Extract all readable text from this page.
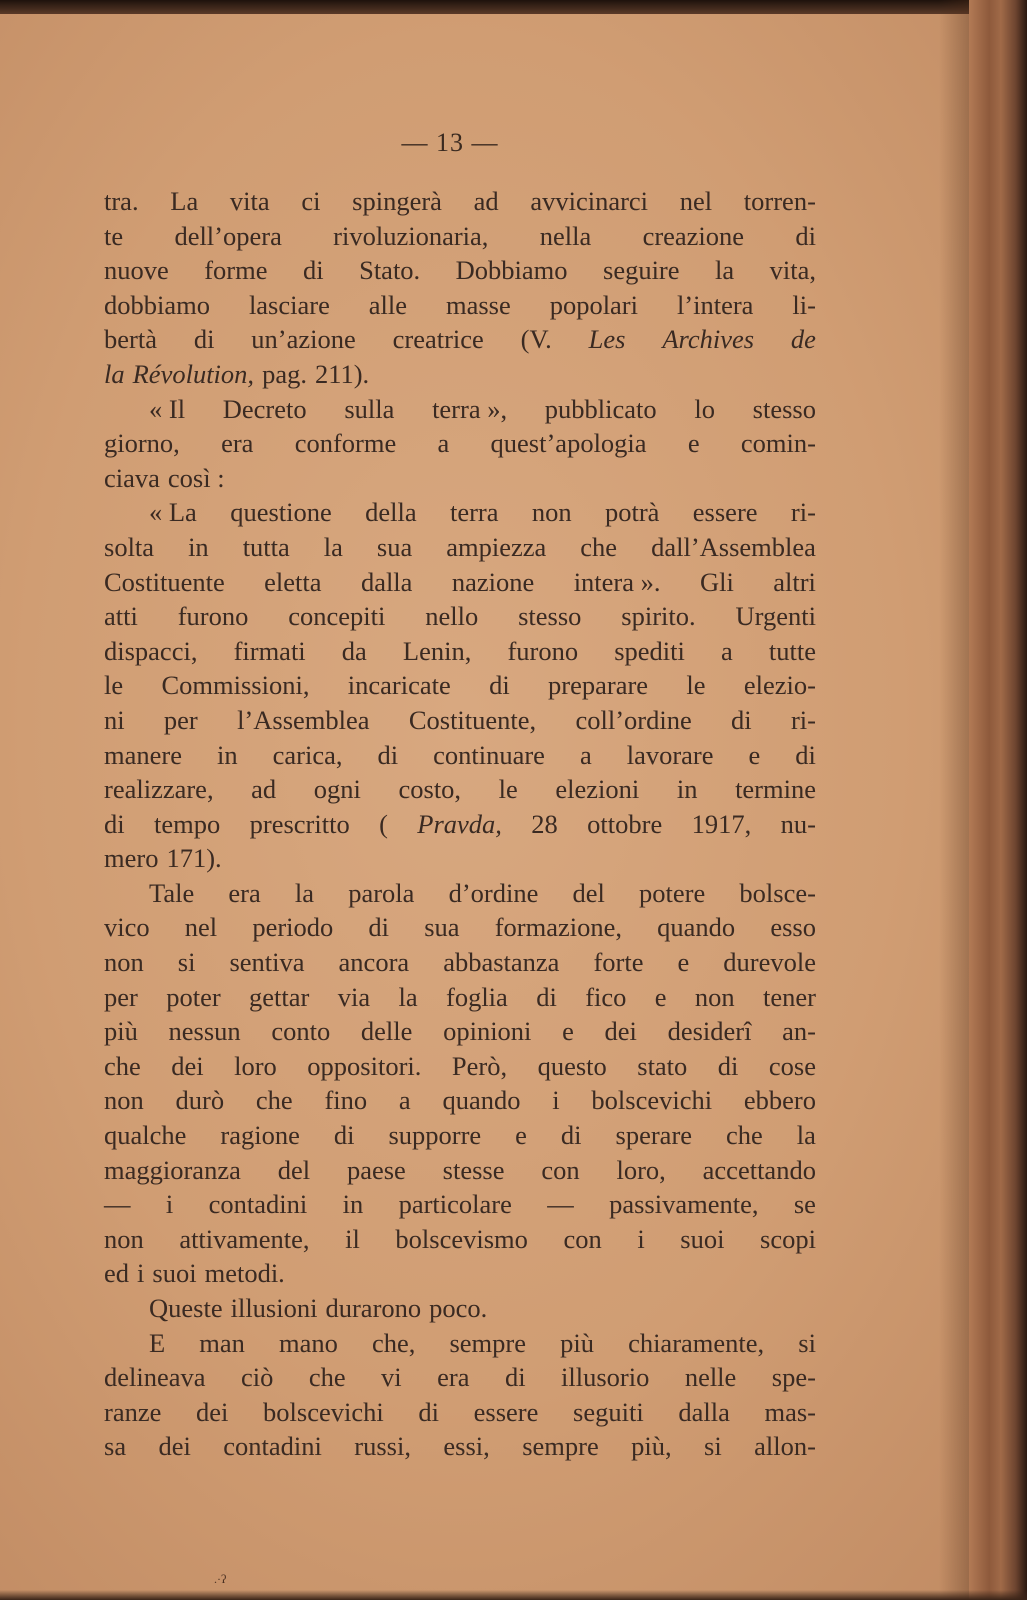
— 13 —
tra. La vita ci spingerà ad avvicinarci nel torren-
te dell’opera rivoluzionaria, nella creazione di
nuove forme di Stato. Dobbiamo seguire la vita,
dobbiamo lasciare alle masse popolari l’intera li-
bertà di un’azione creatrice (V. Les Archives de
la Révolution, pag. 211).
« Il Decreto sulla terra », pubblicato lo stesso
giorno, era conforme a quest’apologia e comin-
ciava così :
« La questione della terra non potrà essere ri-
solta in tutta la sua ampiezza che dall’Assemblea
Costituente eletta dalla nazione intera ». Gli altri
atti furono concepiti nello stesso spirito. Urgenti
dispacci, firmati da Lenin, furono spediti a tutte
le Commissioni, incaricate di preparare le elezio-
ni per l’Assemblea Costituente, coll’ordine di ri-
manere in carica, di continuare a lavorare e di
realizzare, ad ogni costo, le elezioni in termine
di tempo prescritto ( Pravda, 28 ottobre 1917, nu-
mero 171).
Tale era la parola d’ordine del potere bolsce-
vico nel periodo di sua formazione, quando esso
non si sentiva ancora abbastanza forte e durevole
per poter gettar via la foglia di fico e non tener
più nessun conto delle opinioni e dei desiderî an-
che dei loro oppositori. Però, questo stato di cose
non durò che fino a quando i bolscevichi ebbero
qualche ragione di supporre e di sperare che la
maggioranza del paese stesse con loro, accettando
— i contadini in particolare — passivamente, se
non attivamente, il bolscevismo con i suoi scopi
ed i suoi metodi.
Queste illusioni durarono poco.
E man mano che, sempre più chiaramente, si
delineava ciò che vi era di illusorio nelle spe-
ranze dei bolscevichi di essere seguiti dalla mas-
sa dei contadini russi, essi, sempre più, si allon-
.·ʔ
